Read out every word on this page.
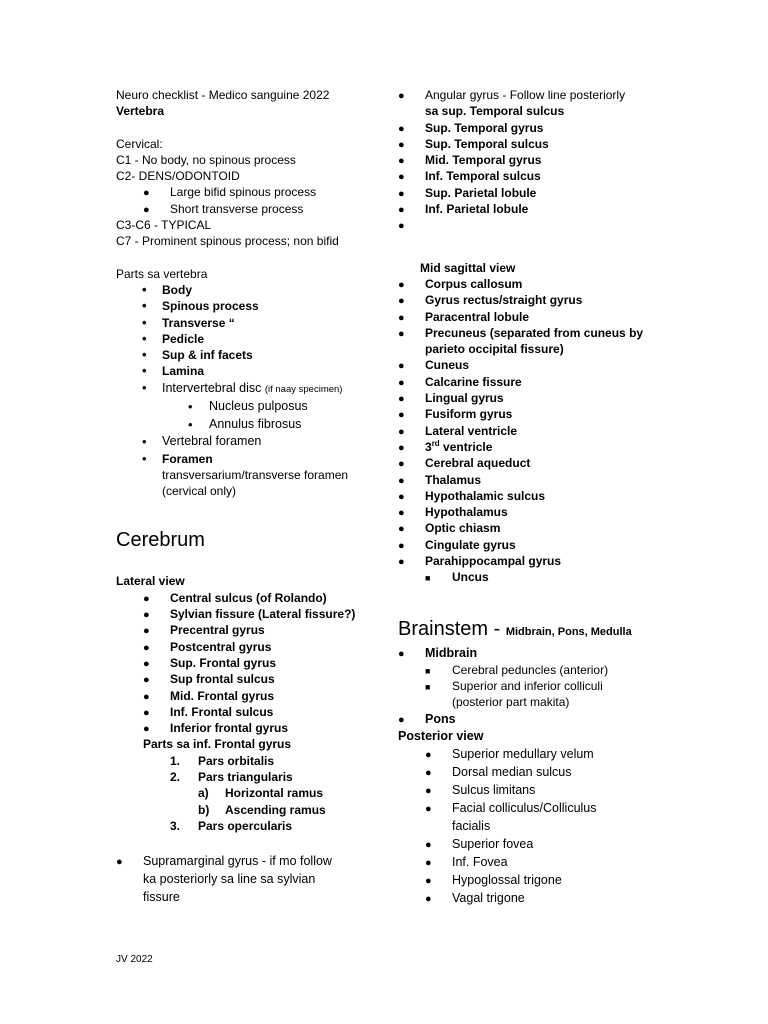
Neuro checklist - Medico sanguine 2022
Vertebra
Cervical:
C1 - No body, no spinous process
C2- DENS/ODONTOID
●
Large bifid spinous process
●
Short transverse process
C3-C6 - TYPICAL
C7 - Prominent spinous process; non bifid
Parts sa vertebra
•
Body
•
Spinous process
•
Transverse “
•
Pedicle
•
Sup & inf facets
•
Lamina
•
Intervertebral disc (if naay specimen)
•
Nucleus pulposus
•
Annulus fibrosus
•
Vertebral foramen
•
Foramen
transversarium/transverse foramen
(cervical only)
Cerebrum
Lateral view
●
Central sulcus (of Rolando)
●
Sylvian fissure (Lateral fissure?)
●
Precentral gyrus
●
Postcentral gyrus
●
Sup. Frontal gyrus
●
Sup frontal sulcus
●
Mid. Frontal gyrus
●
Inf. Frontal sulcus
●
Inferior frontal gyrus
Parts sa inf. Frontal gyrus
1. Pars orbitalis
2. Pars triangularis
a) Horizontal ramus
b) Ascending ramus
3. Pars opercularis
●
Supramarginal gyrus - if mo follow
ka posteriorly sa line sa sylvian
fissure
●
Angular gyrus - Follow line posteriorly
sa sup. Temporal sulcus
●
Sup. Temporal gyrus
●
Sup. Temporal sulcus
●
Mid. Temporal gyrus
●
Inf. Temporal sulcus
●
Sup. Parietal lobule
●
Inf. Parietal lobule
●

Mid sagittal view
●
Corpus callosum
●
Gyrus rectus/straight gyrus
●
Paracentral lobule
●
Precuneus (separated from cuneus by
parieto occipital fissure)
●
Cuneus
●
Calcarine fissure
●
Lingual gyrus
●
Fusiform gyrus
●
Lateral ventricle
●
3rd ventricle
●
Cerebral aqueduct
●
Thalamus
●
Hypothalamic sulcus
●
Hypothalamus
●
Optic chiasm
●
Cingulate gyrus
●
Parahippocampal gyrus
■
Uncus
Brainstem - Midbrain, Pons, Medulla
●
Midbrain
■
Cerebral peduncles (anterior)
■
Superior and inferior colliculi
(posterior part makita)
●
Pons
Posterior view
●
Superior medullary velum
●
Dorsal median sulcus
●
Sulcus limitans
●
Facial colliculus/Colliculus
facialis
●
Superior fovea
●
Inf. Fovea
●
Hypoglossal trigone
●
Vagal trigone
JV 2022
